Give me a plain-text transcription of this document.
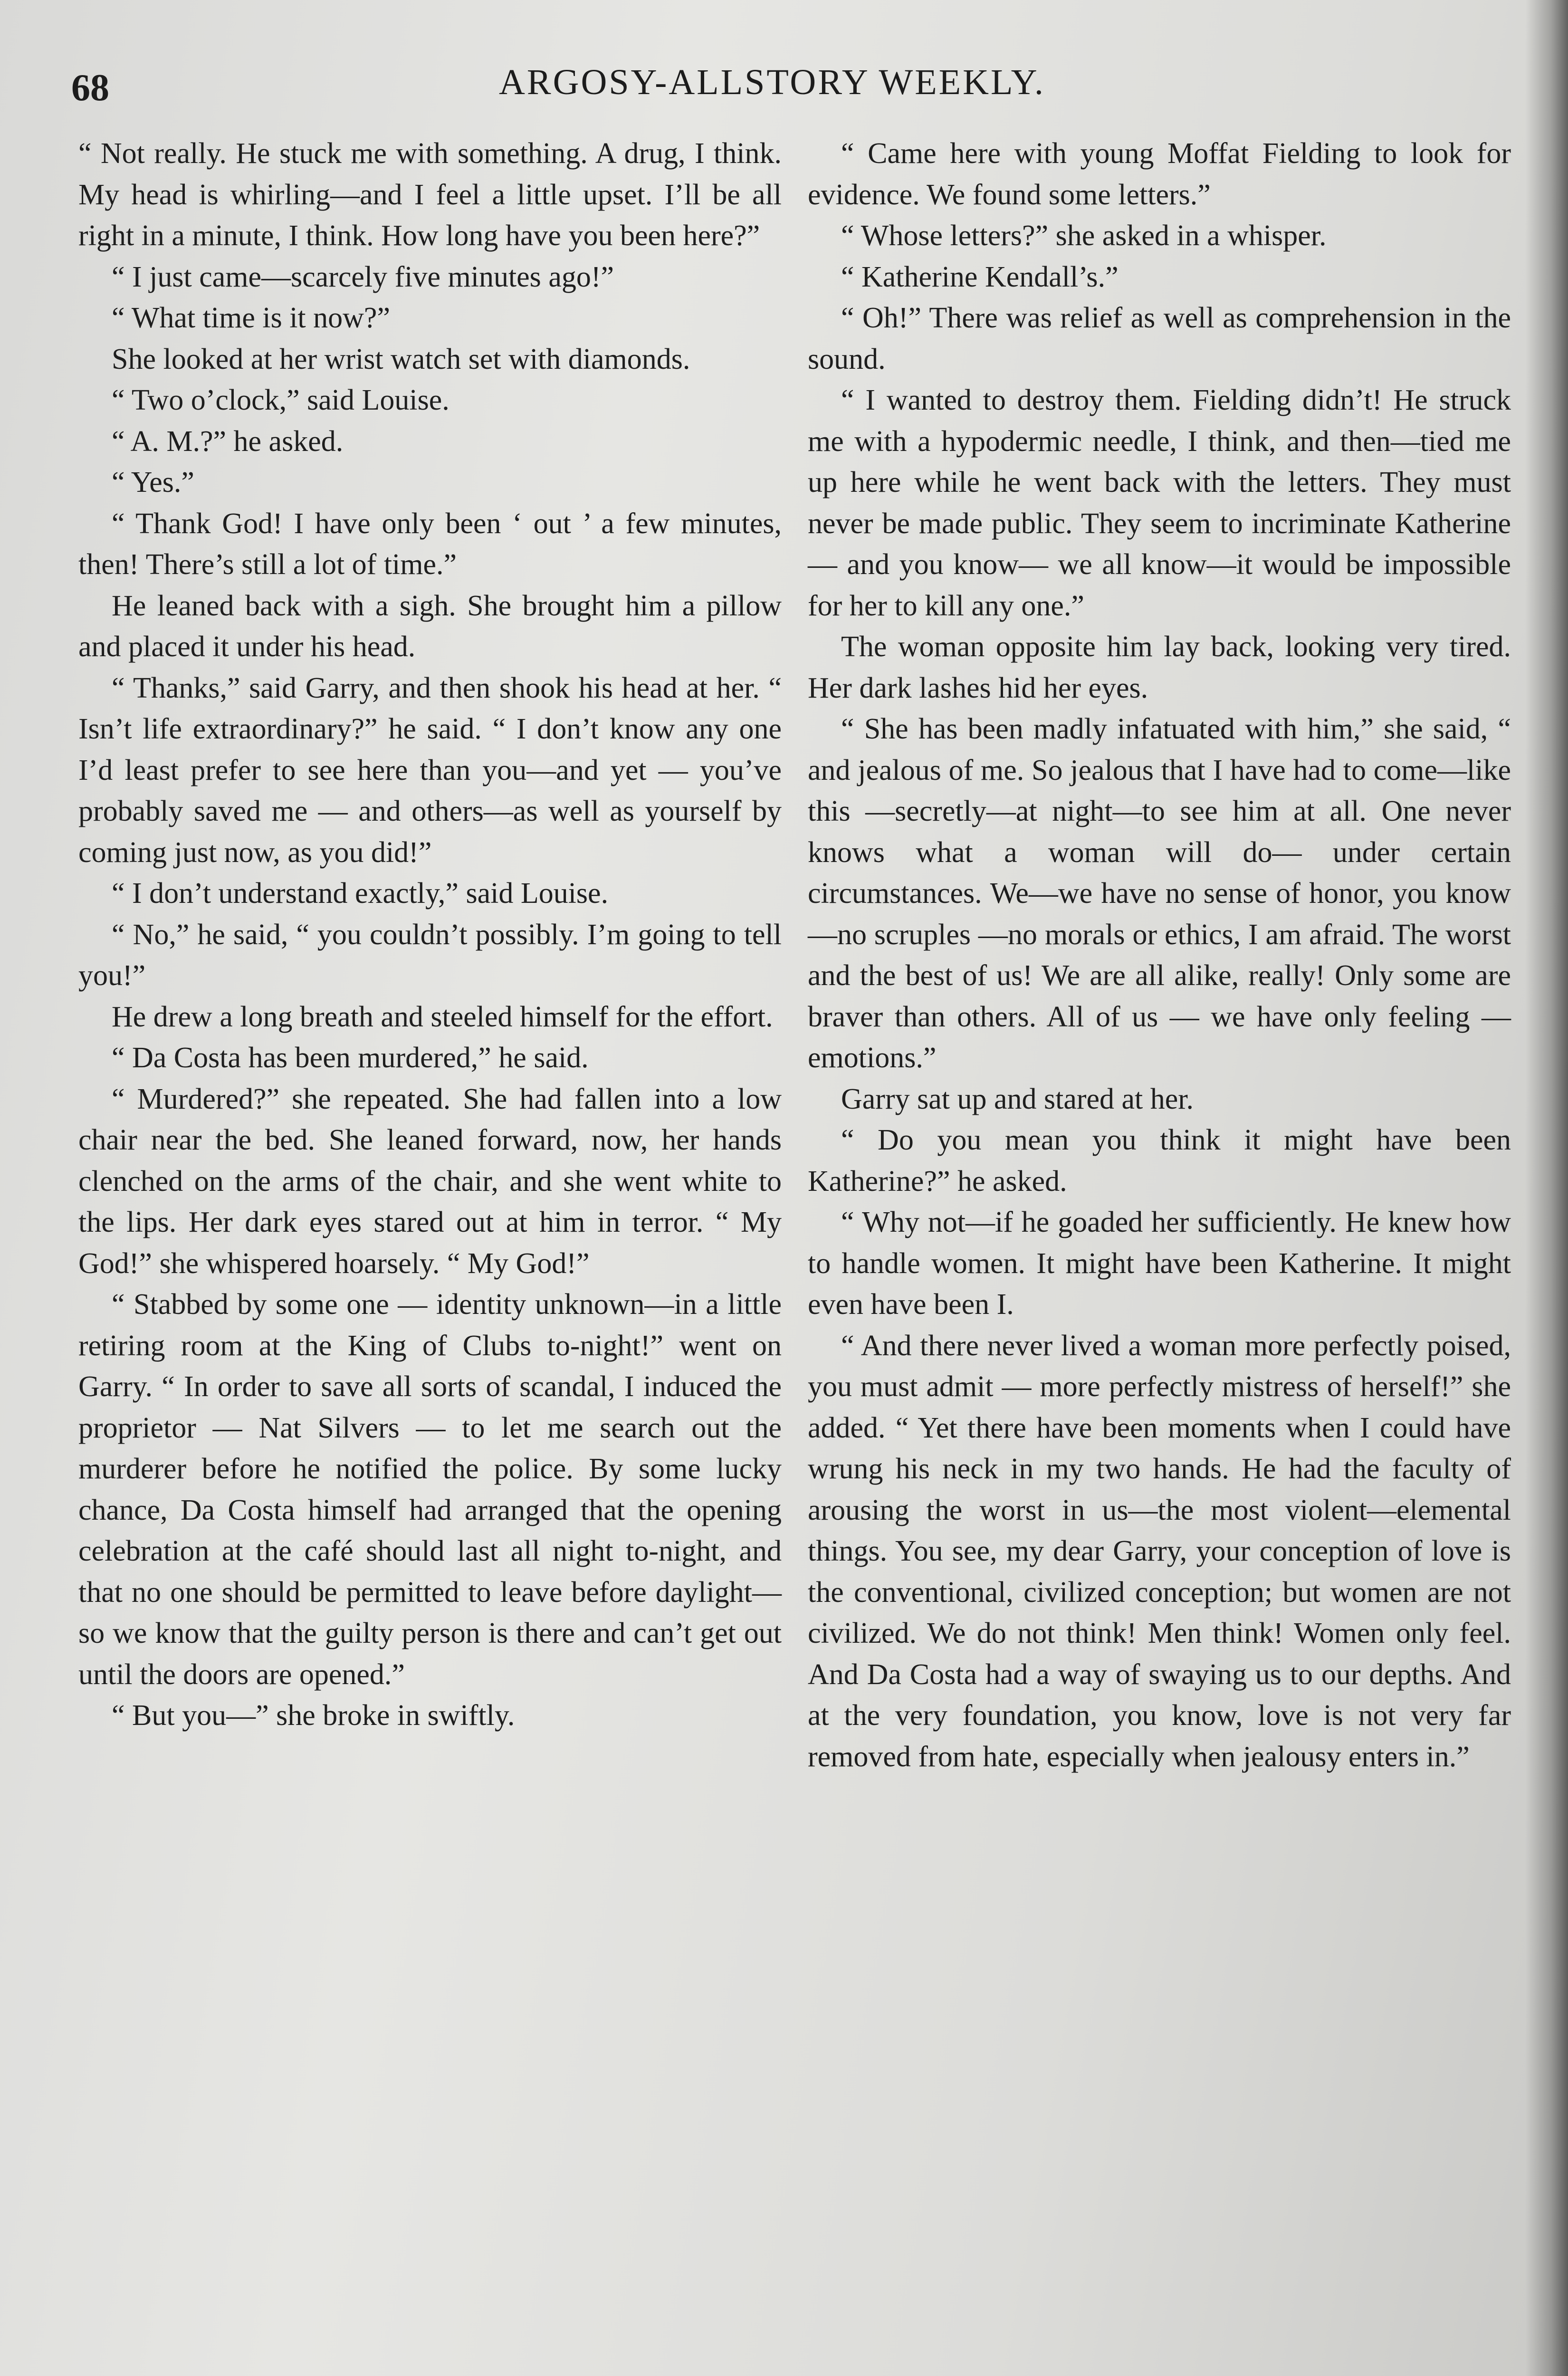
68	ARGOSY-ALLSTORY WEEKLY.

“ Not really. He stuck me with something. A drug, I think. My head is whirling—and I feel a little upset. I’ll be all right in a minute, I think. How long have you been here?”

“ I just came—scarcely five minutes ago!”

“ What time is it now?”

She looked at her wrist watch set with diamonds.

“ Two o’clock,” said Louise.

“ A. M.?” he asked.

“ Yes.”

“ Thank God! I have only been ‘ out ’ a few minutes, then! There’s still a lot of time.”

He leaned back with a sigh. She brought him a pillow and placed it under his head.

“ Thanks,” said Garry, and then shook his head at her. “ Isn’t life extraordinary?” he said. “ I don’t know any one I’d least prefer to see here than you—and yet — you’ve probably saved me — and others—as well as yourself by coming just now, as you did!”

“ I don’t understand exactly,” said Louise.

“ No,” he said, “ you couldn’t possibly. I’m going to tell you!”

He drew a long breath and steeled himself for the effort.

“ Da Costa has been murdered,” he said.

“ Murdered?” she repeated. She had fallen into a low chair near the bed. She leaned forward, now, her hands clenched on the arms of the chair, and she went white to the lips. Her dark eyes stared out at him in terror. “ My God!” she whispered hoarsely. “ My God!”

“ Stabbed by some one — identity unknown—in a little retiring room at the King of Clubs to-night!” went on Garry. “ In order to save all sorts of scandal, I induced the proprietor — Nat Silvers — to let me search out the murderer before he notified the police. By some lucky chance, Da Costa himself had arranged that the opening celebration at the café should last all night to-night, and that no one should be permitted to leave before daylight—so we know that the guilty person is there and can’t get out until the doors are opened.”

“ But you—” she broke in swiftly.

“ Came here with young Moffat Fielding to look for evidence. We found some letters.”

“ Whose letters?” she asked in a whisper.

“ Katherine Kendall’s.”

“ Oh!” There was relief as well as comprehension in the sound.

“ I wanted to destroy them. Fielding didn’t! He struck me with a hypodermic needle, I think, and then—tied me up here while he went back with the letters. They must never be made public. They seem to incriminate Katherine — and you know— we all know—it would be impossible for her to kill any one.”

The woman opposite him lay back, looking very tired. Her dark lashes hid her eyes.

“ She has been madly infatuated with him,” she said, “ and jealous of me. So jealous that I have had to come—like this —secretly—at night—to see him at all. One never knows what a woman will do— under certain circumstances. We—we have no sense of honor, you know—no scruples —no morals or ethics, I am afraid. The worst and the best of us! We are all alike, really! Only some are braver than others. All of us — we have only feeling — emotions.”

Garry sat up and stared at her.

“ Do you mean you think it might have been Katherine?” he asked.

“ Why not—if he goaded her sufficiently. He knew how to handle women. It might have been Katherine. It might even have been I.

“ And there never lived a woman more perfectly poised, you must admit — more perfectly mistress of herself!” she added. “ Yet there have been moments when I could have wrung his neck in my two hands. He had the faculty of arousing the worst in us—the most violent—elemental things. You see, my dear Garry, your conception of love is the conventional, civilized conception; but women are not civilized. We do not think! Men think! Women only feel. And Da Costa had a way of swaying us to our depths. And at the very foundation, you know, love is not very far removed from hate, especially when jealousy enters in.”
